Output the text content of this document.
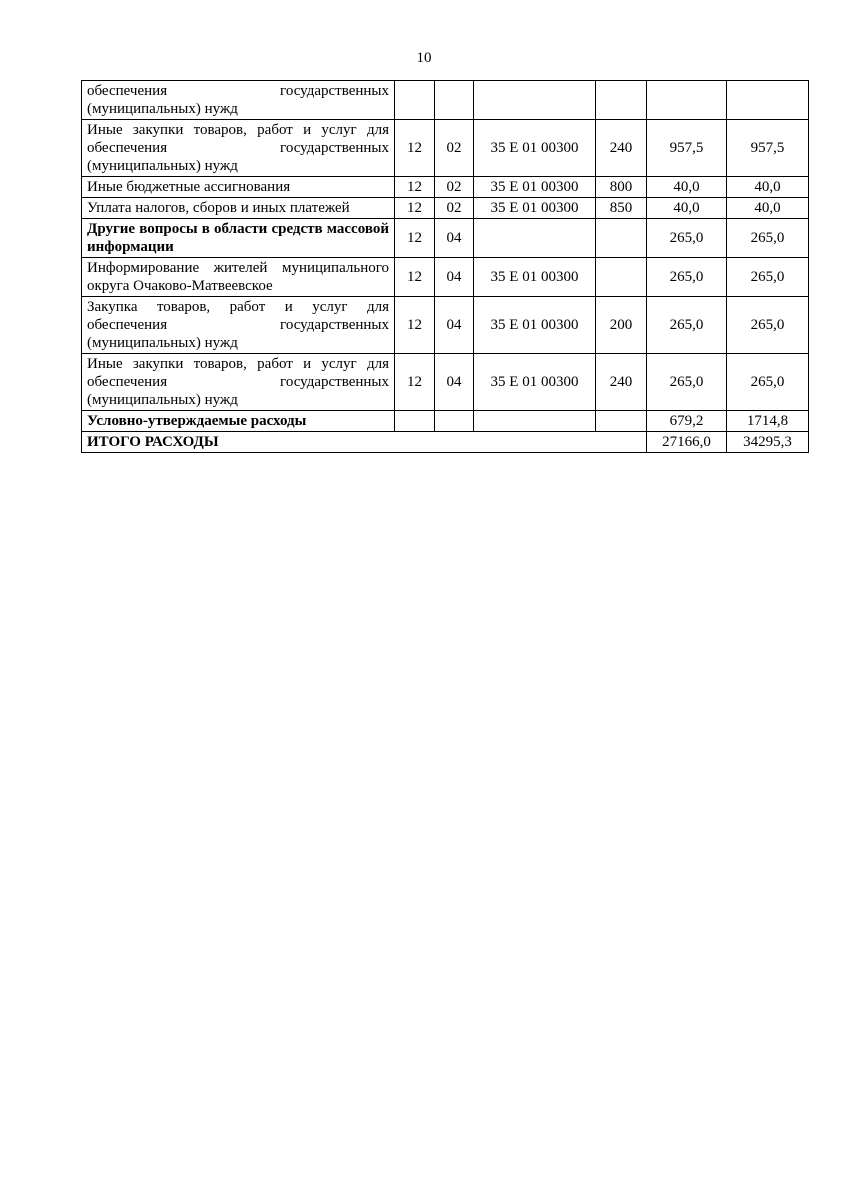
10
обеспечения государственных (муниципальных) нужд						
Иные закупки товаров, работ и услуг для обеспечения государственных (муниципальных) нужд	12	02	35 Е 01 00300	240	957,5	957,5
Иные бюджетные ассигнования	12	02	35 Е 01 00300	800	40,0	40,0
Уплата налогов, сборов и иных платежей	12	02	35 Е 01 00300	850	40,0	40,0
Другие вопросы в области средств массовой информации	12	04			265,0	265,0
Информирование жителей муниципального округа Очаково-Матвеевское	12	04	35 Е 01 00300		265,0	265,0
Закупка товаров, работ и услуг для обеспечения государственных (муниципальных) нужд	12	04	35 Е 01 00300	200	265,0	265,0
Иные закупки товаров, работ и услуг для обеспечения государственных (муниципальных) нужд	12	04	35 Е 01 00300	240	265,0	265,0
Условно-утверждаемые расходы					679,2	1714,8
ИТОГО РАСХОДЫ					27166,0	34295,3
